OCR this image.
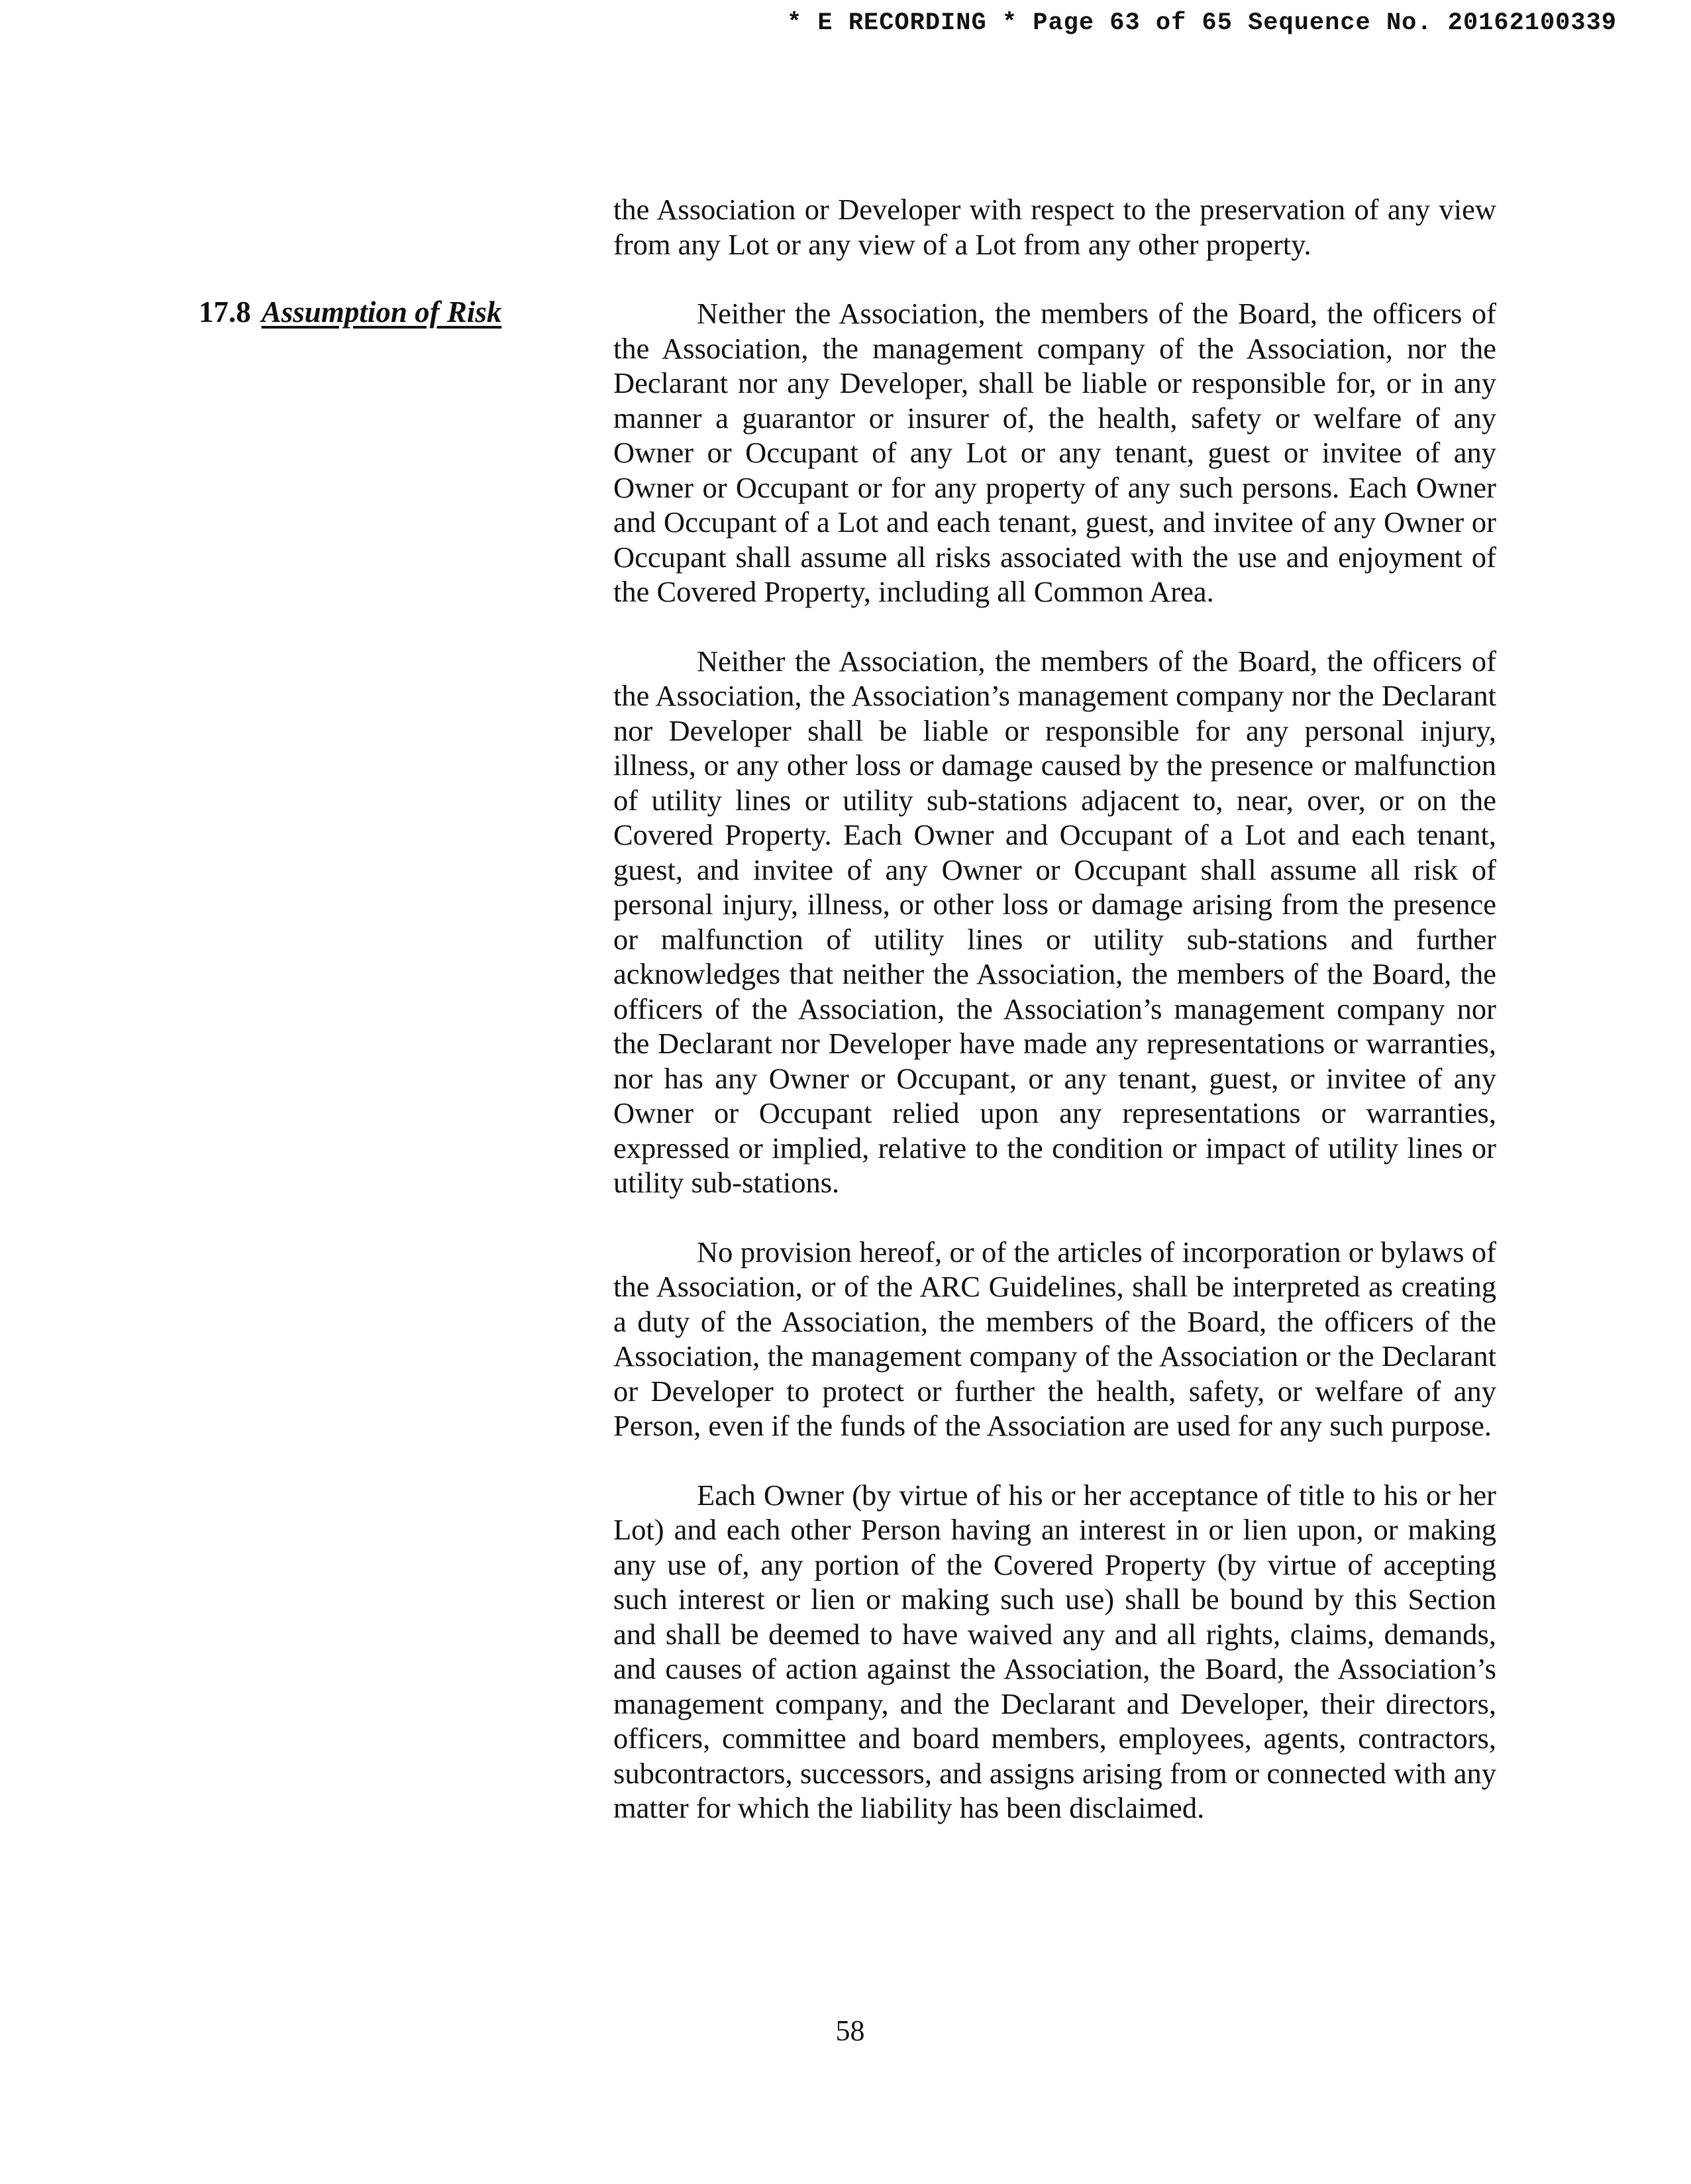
* E RECORDING * Page 63 of 65 Sequence No. 20162100339
17.8 Assumption of Risk

the Association or Developer with respect to the preservation of any view from any Lot or any view of a Lot from any other property.

Neither the Association, the members of the Board, the officers of the Association, the management company of the Association, nor the Declarant nor any Developer, shall be liable or responsible for, or in any manner a guarantor or insurer of, the health, safety or welfare of any Owner or Occupant of any Lot or any tenant, guest or invitee of any Owner or Occupant or for any property of any such persons. Each Owner and Occupant of a Lot and each tenant, guest, and invitee of any Owner or Occupant shall assume all risks associated with the use and enjoyment of the Covered Property, including all Common Area.

Neither the Association, the members of the Board, the officers of the Association, the Association’s management company nor the Declarant nor Developer shall be liable or responsible for any personal injury, illness, or any other loss or damage caused by the presence or malfunction of utility lines or utility sub-stations adjacent to, near, over, or on the Covered Property. Each Owner and Occupant of a Lot and each tenant, guest, and invitee of any Owner or Occupant shall assume all risk of personal injury, illness, or other loss or damage arising from the presence or malfunction of utility lines or utility sub-stations and further acknowledges that neither the Association, the members of the Board, the officers of the Association, the Association’s management company nor the Declarant nor Developer have made any representations or warranties, nor has any Owner or Occupant, or any tenant, guest, or invitee of any Owner or Occupant relied upon any representations or warranties, expressed or implied, relative to the condition or impact of utility lines or utility sub-stations.

No provision hereof, or of the articles of incorporation or bylaws of the Association, or of the ARC Guidelines, shall be interpreted as creating a duty of the Association, the members of the Board, the officers of the Association, the management company of the Association or the Declarant or Developer to protect or further the health, safety, or welfare of any Person, even if the funds of the Association are used for any such purpose.

Each Owner (by virtue of his or her acceptance of title to his or her Lot) and each other Person having an interest in or lien upon, or making any use of, any portion of the Covered Property (by virtue of accepting such interest or lien or making such use) shall be bound by this Section and shall be deemed to have waived any and all rights, claims, demands, and causes of action against the Association, the Board, the Association’s management company, and the Declarant and Developer, their directors, officers, committee and board members, employees, agents, contractors, subcontractors, successors, and assigns arising from or connected with any matter for which the liability has been disclaimed.

58
